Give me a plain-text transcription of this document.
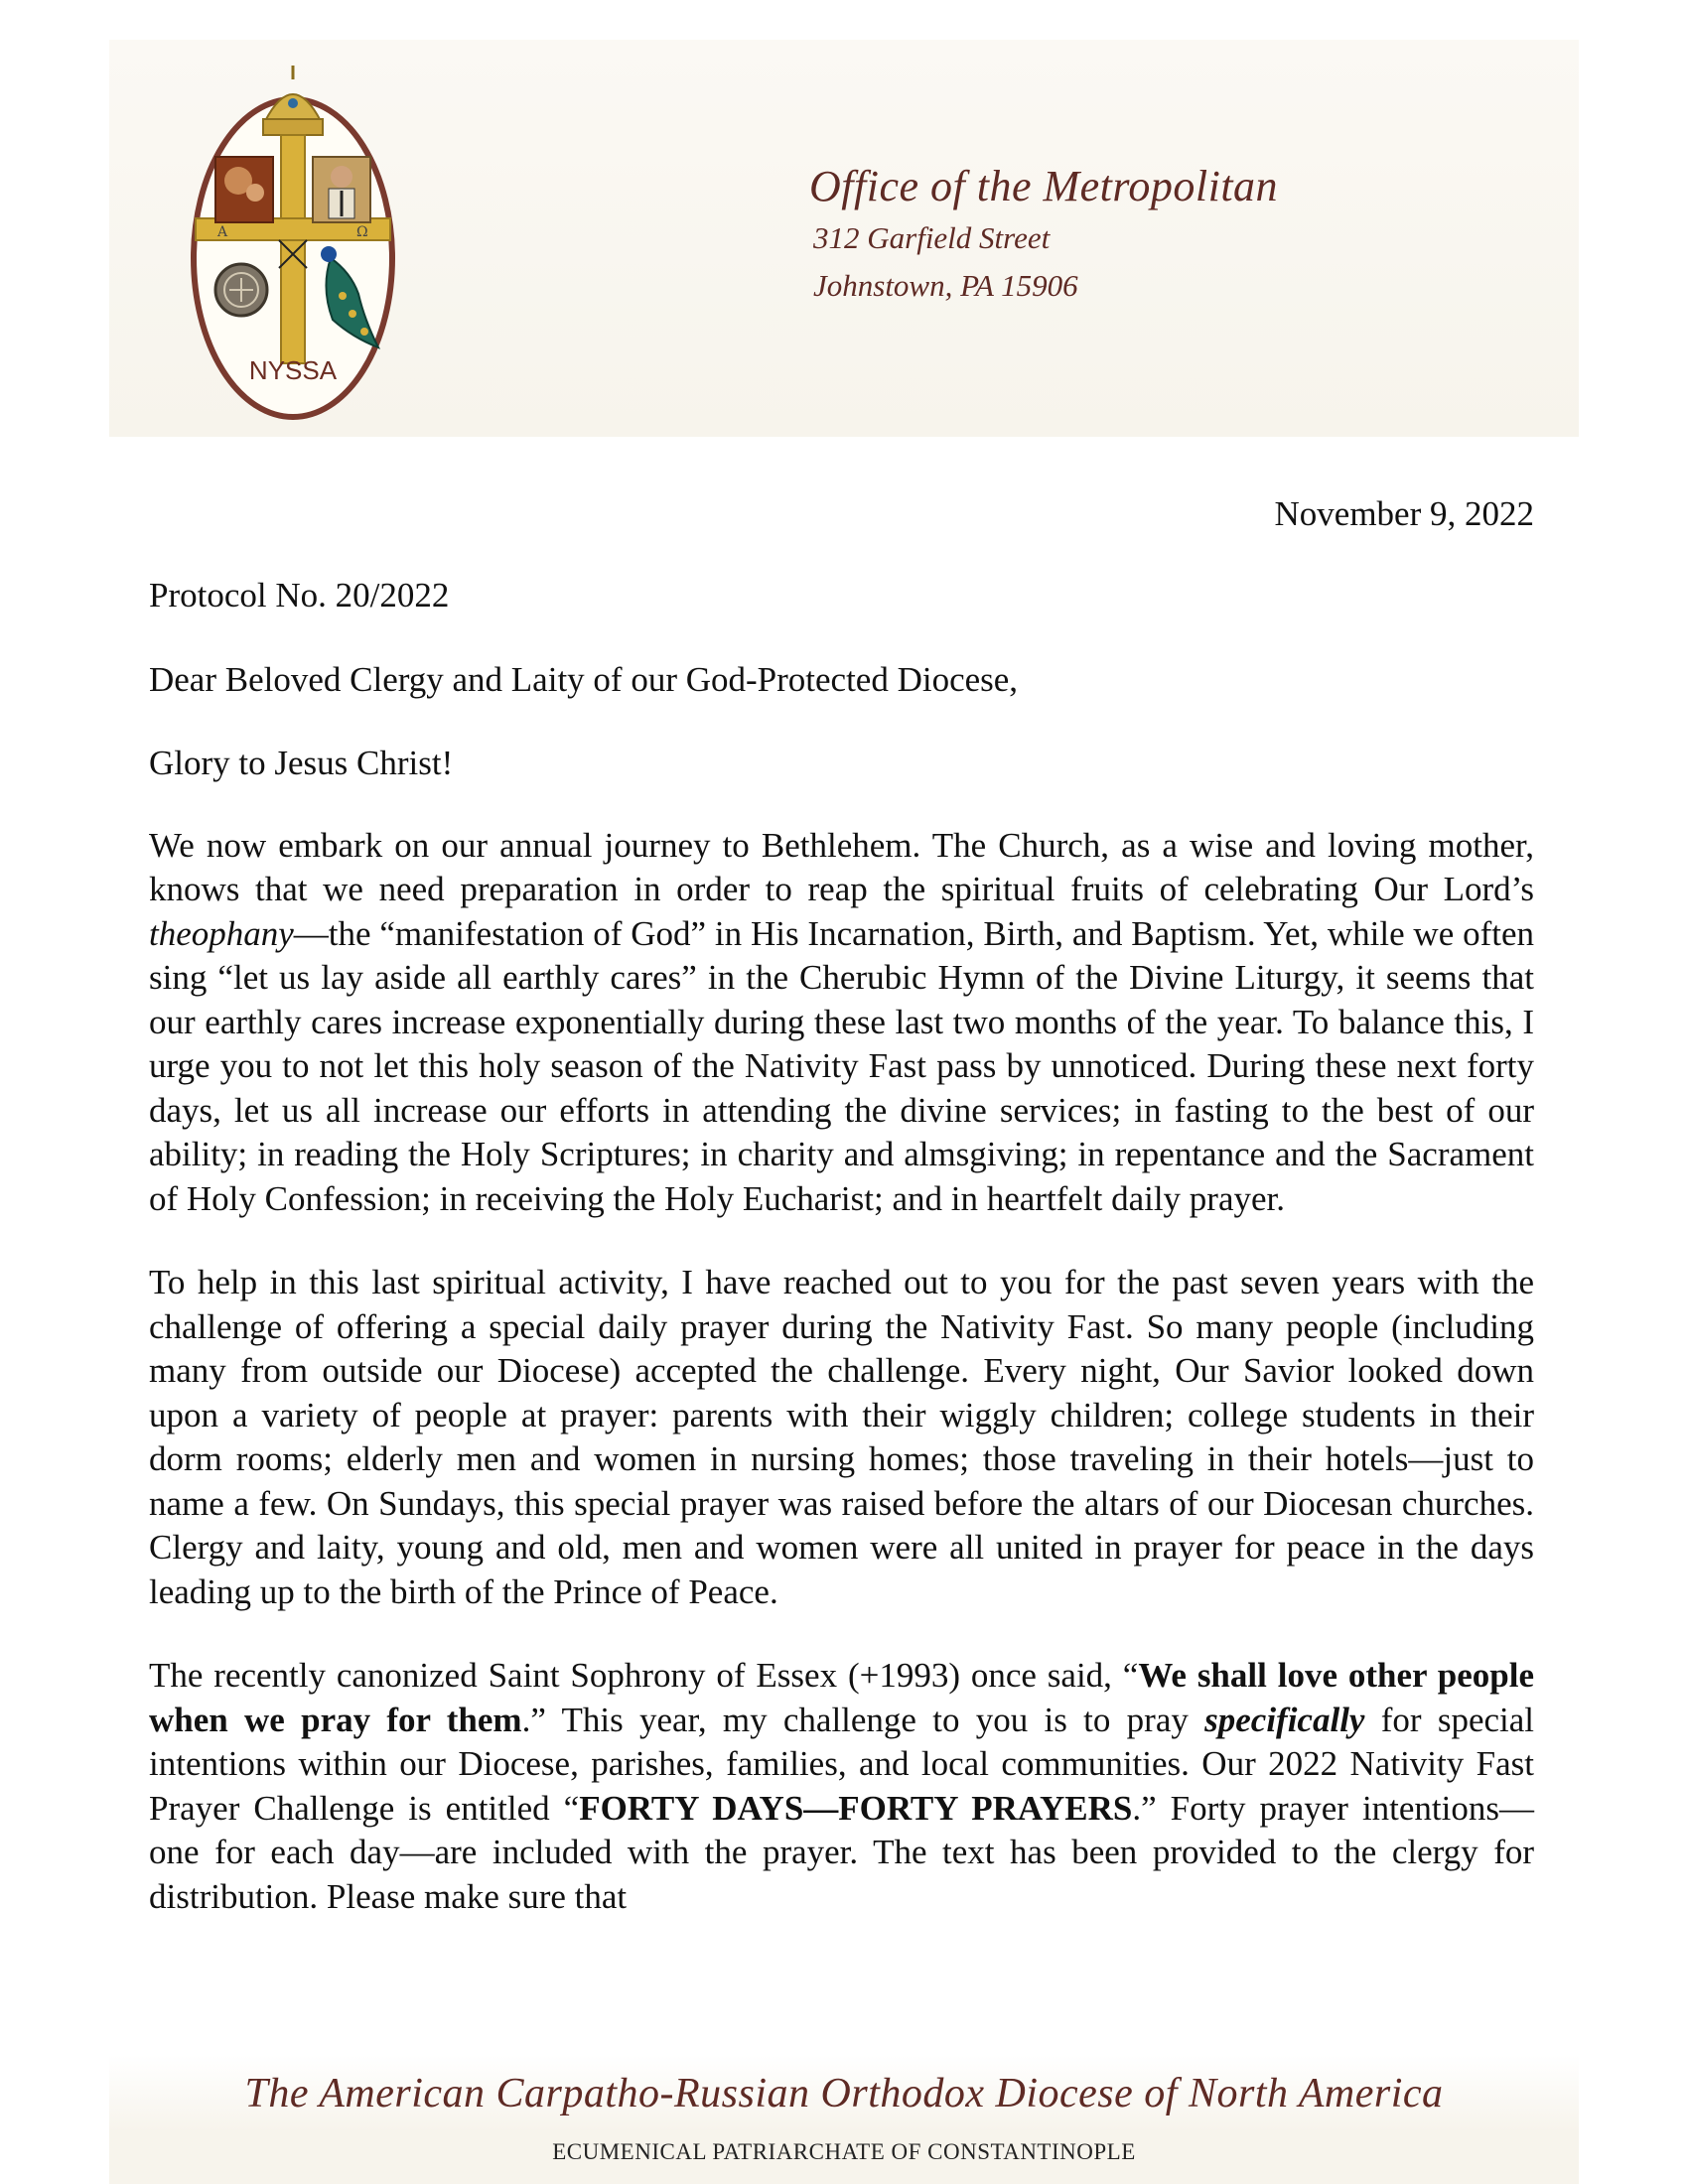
Α	Ω
NYSSA
Office of the Metropolitan
312 Garfield Street
Johnstown, PA 15906
November 9, 2022

Protocol No. 20/2022

Dear Beloved Clergy and Laity of our God-Protected Diocese,

Glory to Jesus Christ!

We now embark on our annual journey to Bethlehem. The Church, as a wise and loving mother, knows that we need preparation in order to reap the spiritual fruits of celebrating Our Lord’s theophany—the “manifestation of God” in His Incarnation, Birth, and Baptism. Yet, while we often sing “let us lay aside all earthly cares” in the Cherubic Hymn of the Divine Liturgy, it seems that our earthly cares increase exponentially during these last two months of the year. To balance this, I urge you to not let this holy season of the Nativity Fast pass by unnoticed. During these next forty days, let us all increase our efforts in attending the divine services; in fasting to the best of our ability; in reading the Holy Scriptures; in charity and almsgiving; in repentance and the Sacrament of Holy Confession; in receiving the Holy Eucharist; and in heartfelt daily prayer.

To help in this last spiritual activity, I have reached out to you for the past seven years with the challenge of offering a special daily prayer during the Nativity Fast. So many people (including many from outside our Diocese) accepted the challenge. Every night, Our Savior looked down upon a variety of people at prayer: parents with their wiggly children; college students in their dorm rooms; elderly men and women in nursing homes; those traveling in their hotels—just to name a few. On Sundays, this special prayer was raised before the altars of our Diocesan churches. Clergy and laity, young and old, men and women were all united in prayer for peace in the days leading up to the birth of the Prince of Peace.

The recently canonized Saint Sophrony of Essex (+1993) once said, “We shall love other people when we pray for them.” This year, my challenge to you is to pray specifically for special intentions within our Diocese, parishes, families, and local communities. Our 2022 Nativity Fast Prayer Challenge is entitled “FORTY DAYS—FORTY PRAYERS.” Forty prayer intentions—one for each day—are included with the prayer. The text has been provided to the clergy for distribution. Please make sure that

The American Carpatho-Russian Orthodox Diocese of North America
ECUMENICAL PATRIARCHATE OF CONSTANTINOPLE
